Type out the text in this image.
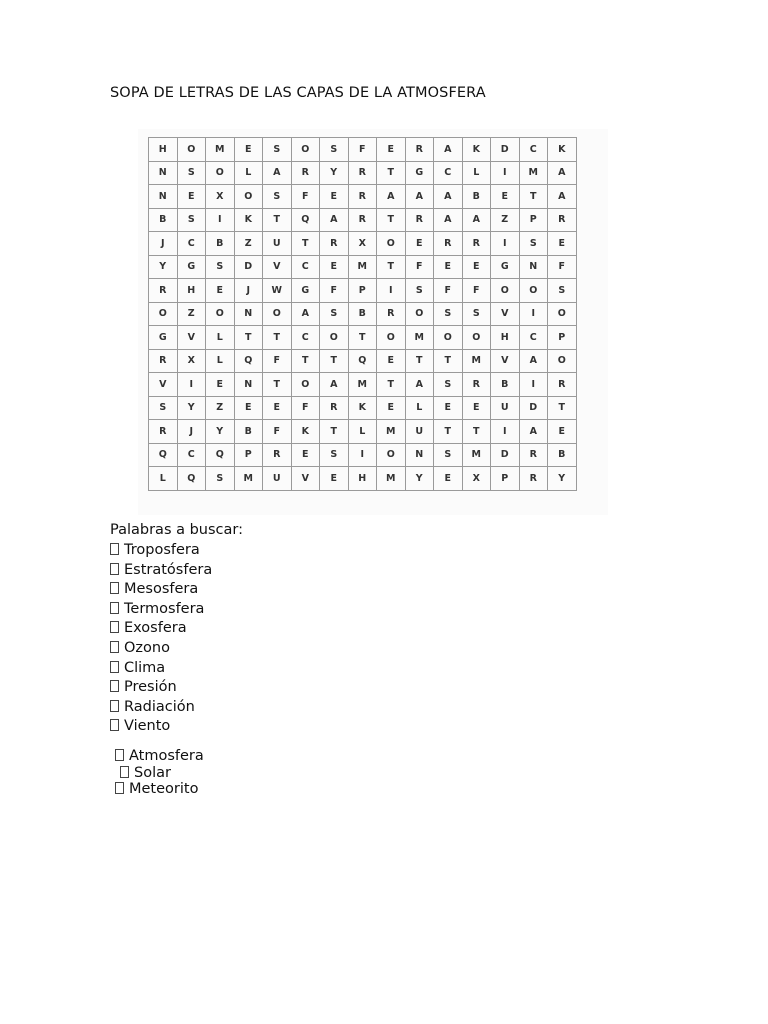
SOPA DE LETRAS DE LAS CAPAS DE LA ATMOSFERA
H	O	M	E	S	O	S	F	E	R	A	K	D	C	K
N	S	O	L	A	R	Y	R	T	G	C	L	I	M	A
N	E	X	O	S	F	E	R	A	A	A	B	E	T	A
B	S	I	K	T	Q	A	R	T	R	A	A	Z	P	R
J	C	B	Z	U	T	R	X	O	E	R	R	I	S	E
Y	G	S	D	V	C	E	M	T	F	E	E	G	N	F
R	H	E	J	W	G	F	P	I	S	F	F	O	O	S
O	Z	O	N	O	A	S	B	R	O	S	S	V	I	O
G	V	L	T	T	C	O	T	O	M	O	O	H	C	P
R	X	L	Q	F	T	T	Q	E	T	T	M	V	A	O
V	I	E	N	T	O	A	M	T	A	S	R	B	I	R
S	Y	Z	E	E	F	R	K	E	L	E	E	U	D	T
R	J	Y	B	F	K	T	L	M	U	T	T	I	A	E
Q	C	Q	P	R	E	S	I	O	N	S	M	D	R	B
L	Q	S	M	U	V	E	H	M	Y	E	X	P	R	Y
Palabras a buscar:
Troposfera
Estratósfera
Mesosfera
Termosfera
Exosfera
Ozono
Clima
Presión
Radiación
Viento
Atmosfera
Solar
Meteorito
